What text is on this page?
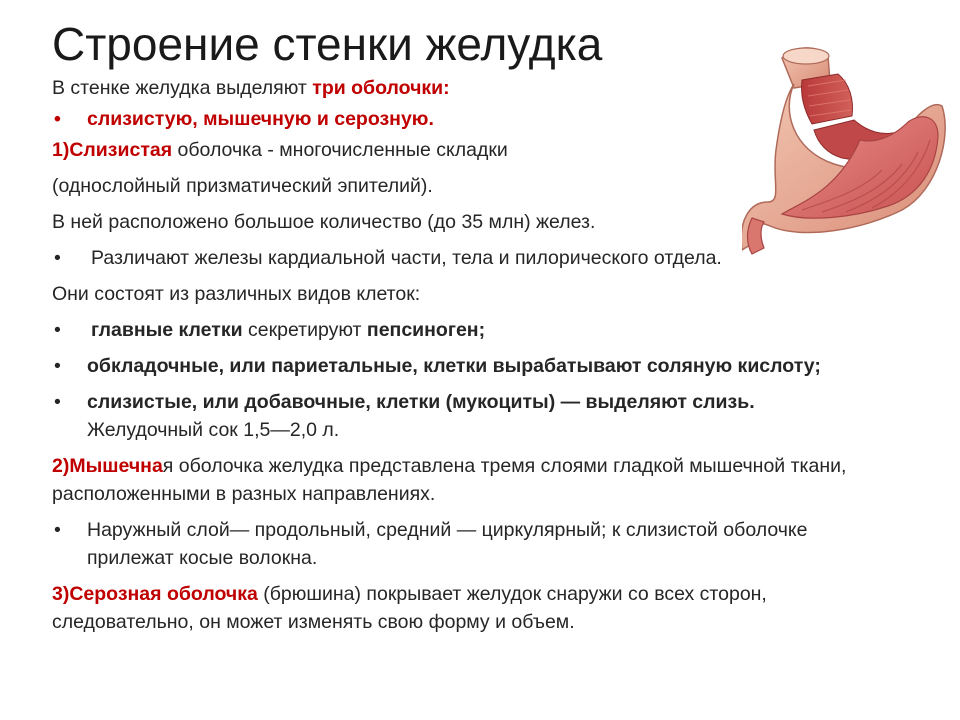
Строение стенки желудка

В стенке желудка выделяют три оболочки:

• слизистую, мышечную и серозную.

1)Слизистая оболочка - многочисленные складки

(однослойный призматический эпителий).

В ней расположено большое количество (до 35 млн) желез.

• Различают железы кардиальной части, тела и пилорического отдела.

Они состоят из различных видов клеток:

• главные клетки секретируют пепсиноген;

• обкладочные, или париетальные, клетки вырабатывают соляную кислоту;

• слизистые, или добавочные, клетки (мукоциты) — выделяют слизь.
Желудочный сок 1,5—2,0 л.

2)Мышечная оболочка желудка представлена тремя слоями гладкой мышечной ткани, расположенными в разных направлениях.

• Наружный слой— продольный, средний — циркулярный; к слизистой оболочке прилежат косые волокна.

3)Серозная оболочка (брюшина) покрывает желудок снаружи со всех сторон, следовательно, он может изменять свою форму и объем.
